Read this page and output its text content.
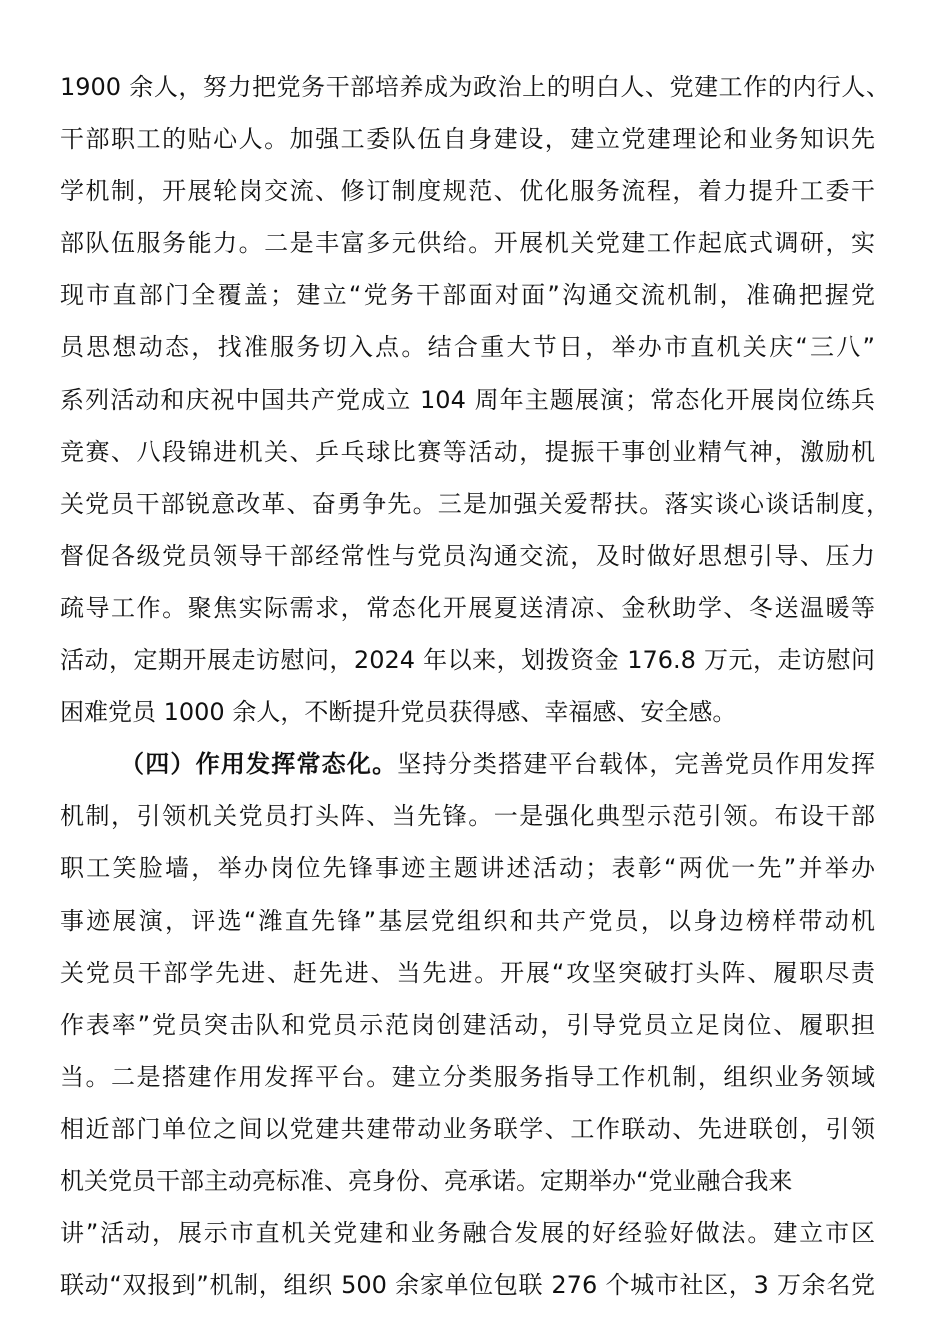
1900 余人，努力把党务干部培养成为政治上的明白人、党建工作的内行人、
干部职工的贴心人。加强工委队伍自身建设，建立党建理论和业务知识先
学机制，开展轮岗交流、修订制度规范、优化服务流程，着力提升工委干
部队伍服务能力。二是丰富多元供给。开展机关党建工作起底式调研，实
现市直部门全覆盖；建立“党务干部面对面”沟通交流机制，准确把握党
员思想动态，找准服务切入点。结合重大节日，举办市直机关庆“三八”
系列活动和庆祝中国共产党成立 104 周年主题展演；常态化开展岗位练兵
竞赛、八段锦进机关、乒乓球比赛等活动，提振干事创业精气神，激励机
关党员干部锐意改革、奋勇争先。三是加强关爱帮扶。落实谈心谈话制度，
督促各级党员领导干部经常性与党员沟通交流，及时做好思想引导、压力
疏导工作。聚焦实际需求，常态化开展夏送清凉、金秋助学、冬送温暖等
活动，定期开展走访慰问，2024 年以来，划拨资金 176.8 万元，走访慰问
困难党员 1000 余人，不断提升党员获得感、幸福感、安全感。
（四）作用发挥常态化。坚持分类搭建平台载体，完善党员作用发挥
机制，引领机关党员打头阵、当先锋。一是强化典型示范引领。布设干部
职工笑脸墙，举办岗位先锋事迹主题讲述活动；表彰“两优一先”并举办
事迹展演，评选“潍直先锋”基层党组织和共产党员，以身边榜样带动机
关党员干部学先进、赶先进、当先进。开展“攻坚突破打头阵、履职尽责
作表率”党员突击队和党员示范岗创建活动，引导党员立足岗位、履职担
当。二是搭建作用发挥平台。建立分类服务指导工作机制，组织业务领域
相近部门单位之间以党建共建带动业务联学、工作联动、先进联创，引领
机关党员干部主动亮标准、亮身份、亮承诺。定期举办“党业融合我来
讲”活动，展示市直机关党建和业务融合发展的好经验好做法。建立市区
联动“双报到”机制，组织 500 余家单位包联 276 个城市社区，3 万余名党
